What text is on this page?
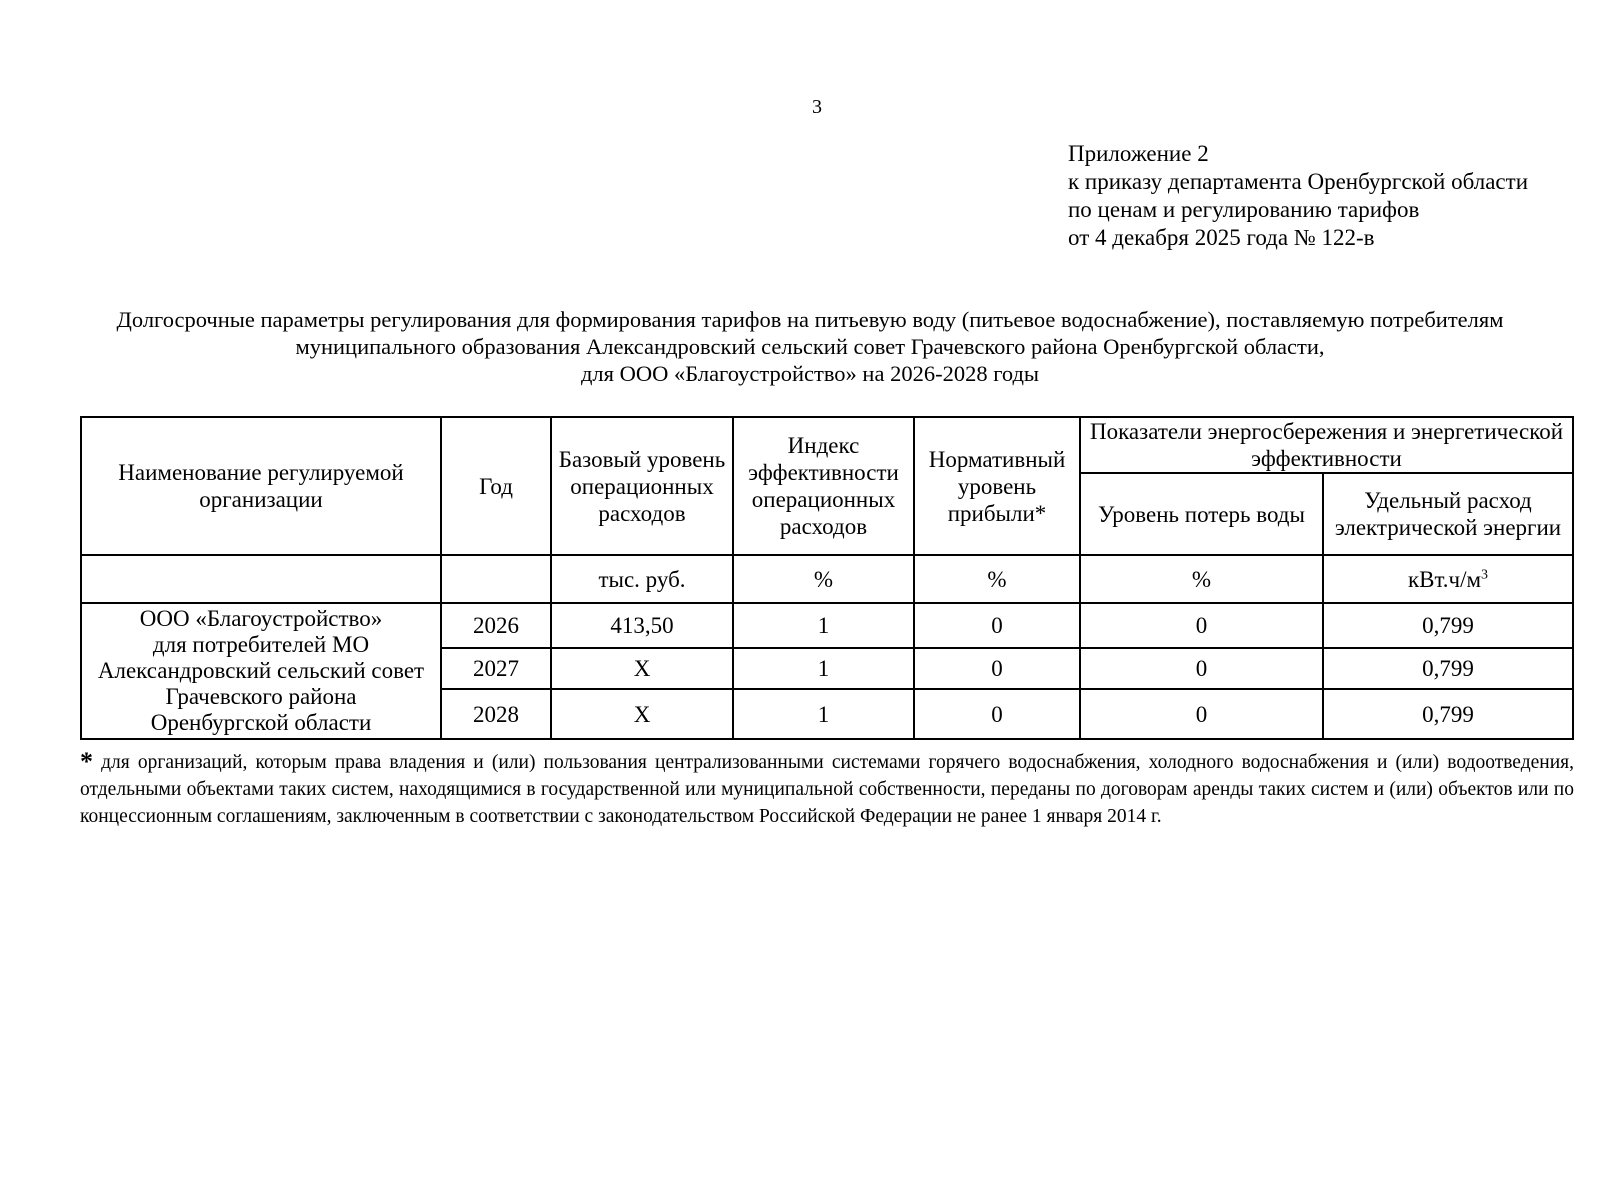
3
Приложение 2
к приказу департамента Оренбургской области
по ценам и регулированию тарифов
от 4 декабря 2025 года № 122-в
Долгосрочные параметры регулирования для формирования тарифов на питьевую воду (питьевое водоснабжение), поставляемую потребителям
муниципального образования Александровский сельский совет Грачевского района Оренбургской области,
для ООО «Благоустройство» на 2026-2028 годы
Наименование регулируемой организации	Год	Базовый уровень операционных расходов	Индекс эффективности операционных расходов	Нормативный уровень прибыли*	Показатели энергосбережения и энергетической эффективности	
					Уровень потерь воды	Удельный расход электрической энергии
		тыс. руб.	%	%	%	$кВт.ч/м^3$

ООО «Благоустройство»
для потребителей МО
Александровский сельский совет
Грачевского района
Оренбургской области	2026	413,50	1	0	0	0,799
	2027	Х	1	0	0	0,799
	2028	Х	1	0	0	0,799
* для организаций, которым права владения и (или) пользования централизованными системами горячего водоснабжения, холодного водоснабжения и (или) водоотведения, отдельными объектами таких систем, находящимися в государственной или муниципальной собственности, переданы по договорам аренды таких систем и (или) объектов или по концессионным соглашениям, заключенным в соответствии с законодательством Российской Федерации не ранее 1 января 2014 г.
